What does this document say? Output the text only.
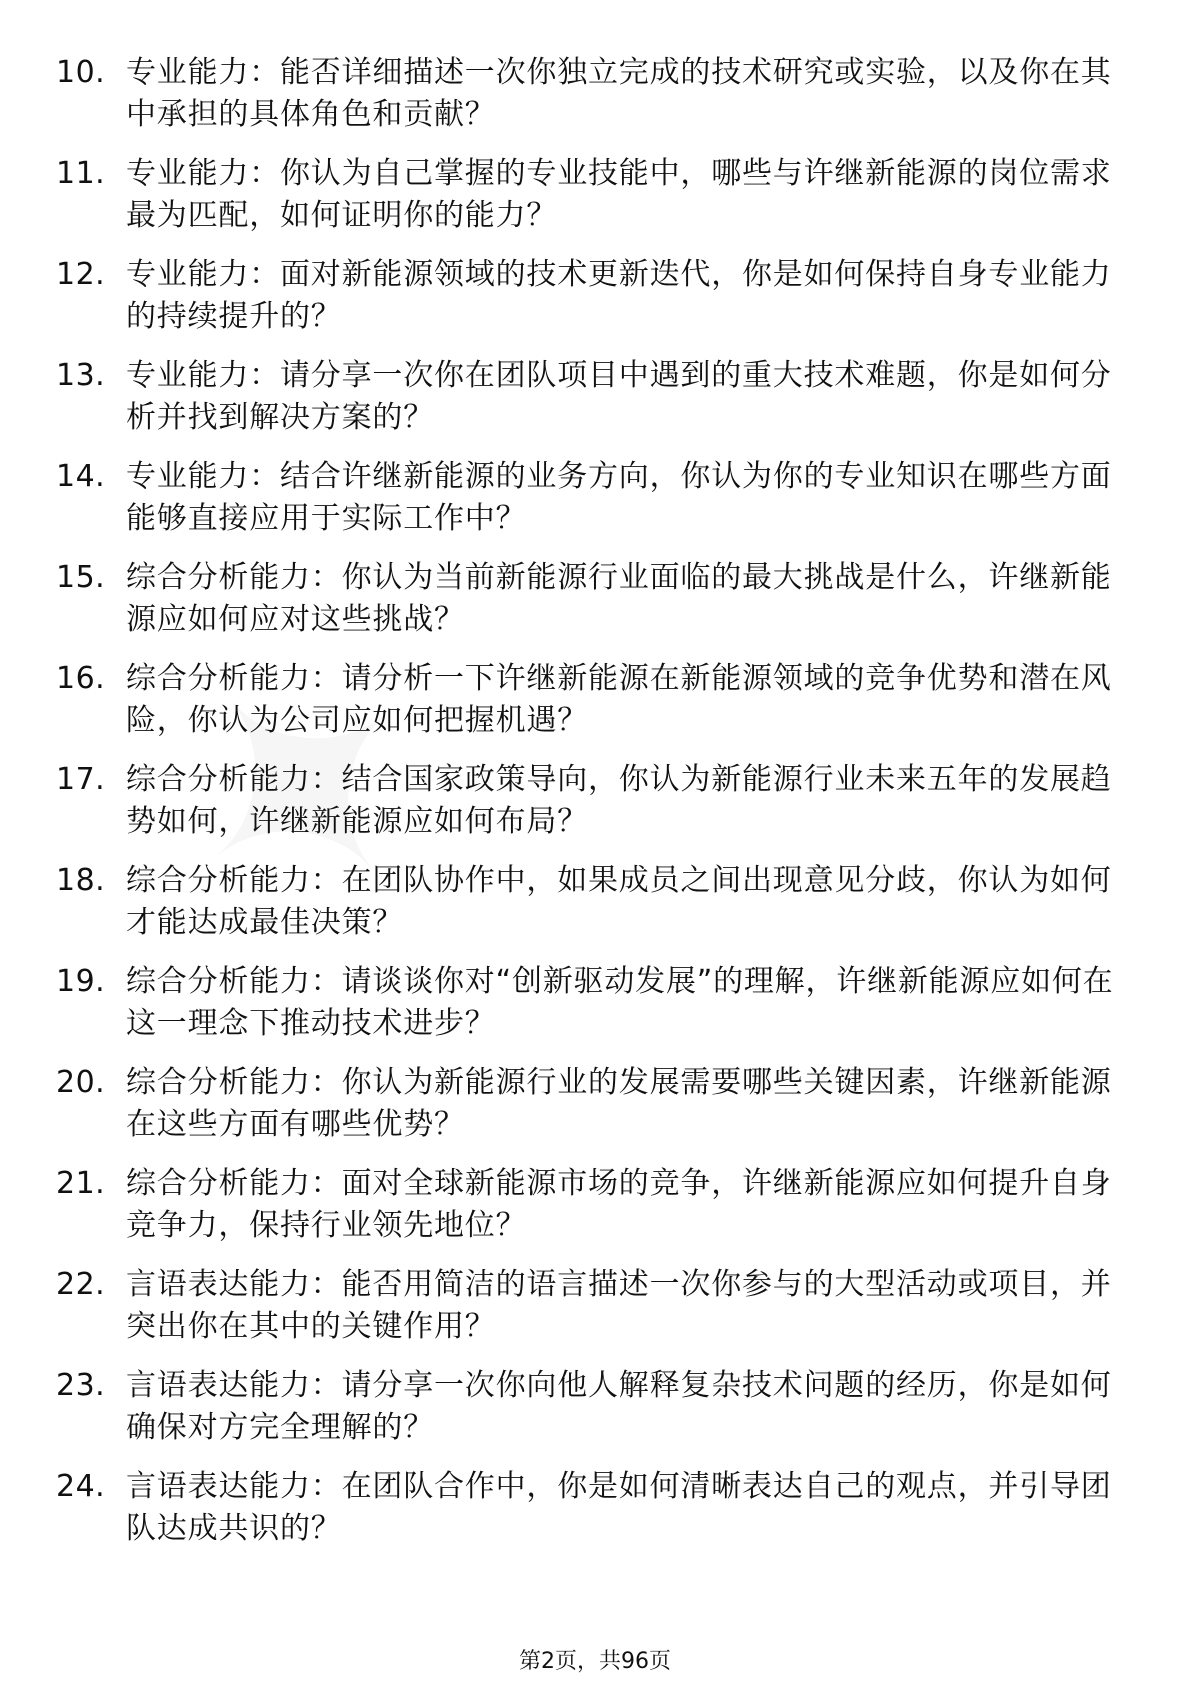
10. 专业能力：能否详细描述一次你独立完成的技术研究或实验，以及你在其中承担的具体角色和贡献？
11. 专业能力：你认为自己掌握的专业技能中，哪些与许继新能源的岗位需求最为匹配，如何证明你的能力？
12. 专业能力：面对新能源领域的技术更新迭代，你是如何保持自身专业能力的持续提升的？
13. 专业能力：请分享一次你在团队项目中遇到的重大技术难题，你是如何分析并找到解决方案的？
14. 专业能力：结合许继新能源的业务方向，你认为你的专业知识在哪些方面能够直接应用于实际工作中？
15. 综合分析能力：你认为当前新能源行业面临的最大挑战是什么，许继新能源应如何应对这些挑战？
16. 综合分析能力：请分析一下许继新能源在新能源领域的竞争优势和潜在风险，你认为公司应如何把握机遇？
17. 综合分析能力：结合国家政策导向，你认为新能源行业未来五年的发展趋势如何，许继新能源应如何布局？
18. 综合分析能力：在团队协作中，如果成员之间出现意见分歧，你认为如何才能达成最佳决策？
19. 综合分析能力：请谈谈你对“创新驱动发展”的理解，许继新能源应如何在这一理念下推动技术进步？
20. 综合分析能力：你认为新能源行业的发展需要哪些关键因素，许继新能源在这些方面有哪些优势？
21. 综合分析能力：面对全球新能源市场的竞争，许继新能源应如何提升自身竞争力，保持行业领先地位？
22. 言语表达能力：能否用简洁的语言描述一次你参与的大型活动或项目，并突出你在其中的关键作用？
23. 言语表达能力：请分享一次你向他人解释复杂技术问题的经历，你是如何确保对方完全理解的？
24. 言语表达能力：在团队合作中，你是如何清晰表达自己的观点，并引导团队达成共识的？
第2页，共96页
